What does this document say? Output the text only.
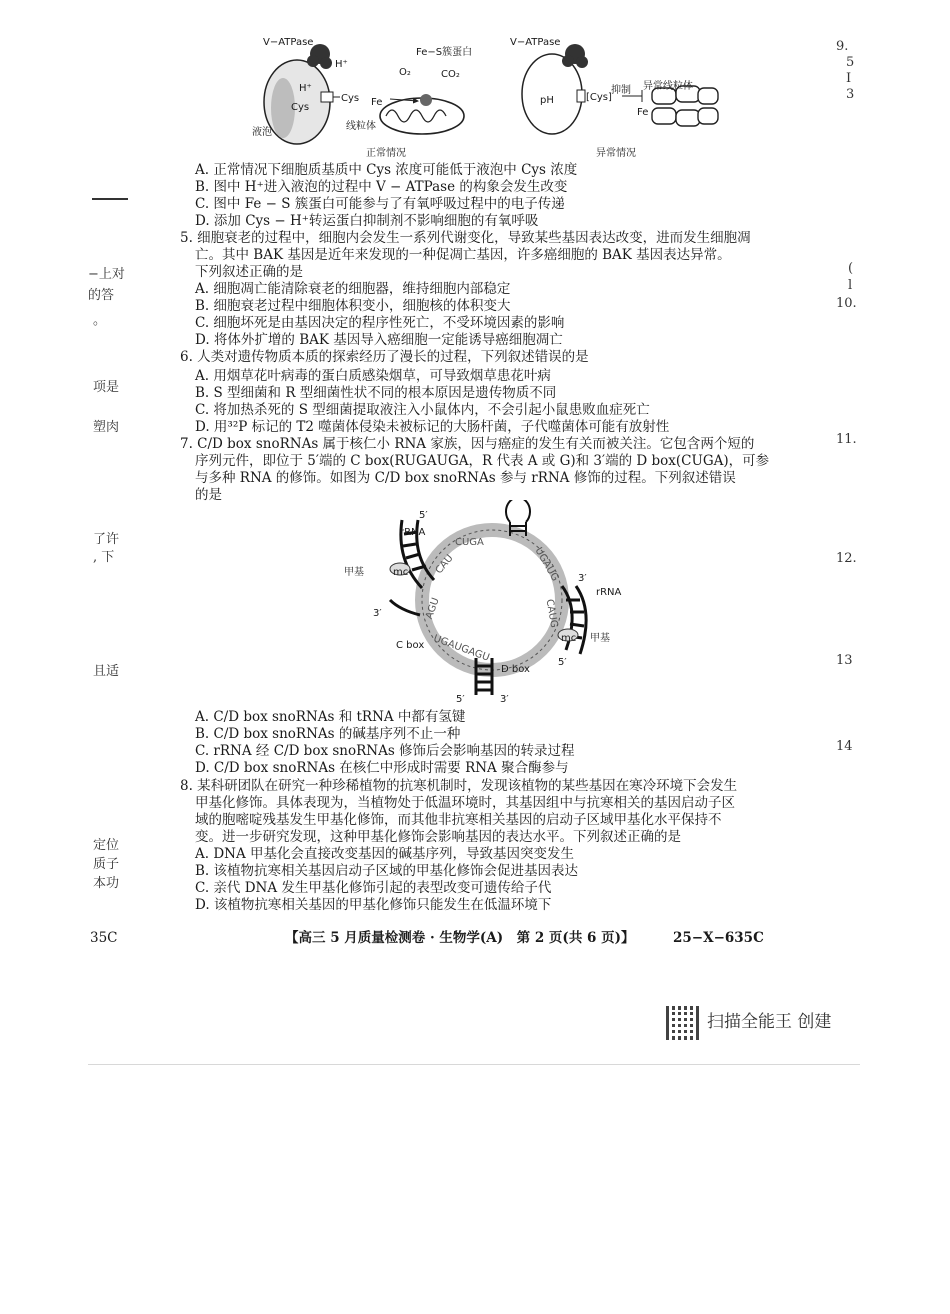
V−ATPase
H⁺
H⁺
Cys
Cys
液泡
Fe
Fe−S簇蛋白
O₂	CO₂
线粒体
正常情况
V−ATPase
pH	[Cys]
抑制 异常线粒体
Fe
异常情况
A. 正常情况下细胞质基质中 Cys 浓度可能低于液泡中 Cys 浓度
B. 图中 H⁺进入液泡的过程中 V − ATPase 的构象会发生改变
C. 图中 Fe − S 簇蛋白可能参与了有氧呼吸过程中的电子传递
D. 添加 Cys − H⁺转运蛋白抑制剂不影响细胞的有氧呼吸
5. 细胞衰老的过程中，细胞内会发生一系列代谢变化，导致某些基因表达改变，进而发生细胞凋
亡。其中 BAK 基因是近年来发现的一种促凋亡基因，许多癌细胞的 BAK 基因表达异常。
下列叙述正确的是
A. 细胞凋亡能清除衰老的细胞器，维持细胞内部稳定
B. 细胞衰老过程中细胞体积变小，细胞核的体积变大
C. 细胞坏死是由基因决定的程序性死亡，不受环境因素的影响
D. 将体外扩增的 BAK 基因导入癌细胞一定能诱导癌细胞凋亡
6. 人类对遗传物质本质的探索经历了漫长的过程，下列叙述错误的是
A. 用烟草花叶病毒的蛋白质感染烟草，可导致烟草患花叶病
B. S 型细菌和 R 型细菌性状不同的根本原因是遗传物质不同
C. 将加热杀死的 S 型细菌提取液注入小鼠体内，不会引起小鼠患败血症死亡
D. 用³²P 标记的 T2 噬菌体侵染未被标记的大肠杆菌，子代噬菌体可能有放射性
7. C/D box snoRNAs 属于核仁小 RNA 家族，因与癌症的发生有关而被关注。它包含两个短的
序列元件，即位于 5′端的 C box(RUGAUGA，R 代表 A 或 G)和 3′端的 D box(CUGA)，可参
与多种 RNA 的修饰。如图为 C/D box snoRNAs 参与 rRNA 修饰的过程。下列叙述错误
的是
5′
rRNA
甲基	mc
3′
3′
rRNA
mc 甲基
C box
D box
5′
5′	3′
CUGA
UGAUG
AGU
UGAUGAGU
CAU
CAUG
A. C/D box snoRNAs 和 tRNA 中都有氢键
B. C/D box snoRNAs 的碱基序列不止一种
C. rRNA 经 C/D box snoRNAs 修饰后会影响基因的转录过程
D. C/D box snoRNAs 在核仁中形成时需要 RNA 聚合酶参与
8. 某科研团队在研究一种珍稀植物的抗寒机制时，发现该植物的某些基因在寒冷环境下会发生
甲基化修饰。具体表现为，当植物处于低温环境时，其基因组中与抗寒相关的基因启动子区
域的胞嘧啶残基发生甲基化修饰，而其他非抗寒相关基因的启动子区域甲基化水平保持不
变。进一步研究发现，这种甲基化修饰会影响基因的表达水平。下列叙述正确的是
A. DNA 甲基化会直接改变基因的碱基序列，导致基因突变发生
B. 该植物抗寒相关基因启动子区域的甲基化修饰会促进基因表达
C. 亲代 DNA 发生甲基化修饰引起的表型改变可遗传给子代
D. 该植物抗寒相关基因的甲基化修饰只能发生在低温环境下
−上对
的答
。
项是
塑肉
了许
, 下
且适
定位
质子
本功
9.
5
I
3
(
l
10.
11.
12.
13
14
35C	【高三 5 月质量检测卷 · 生物学(A)　第 2 页(共 6 页)】	25−X−635C
扫描全能王 创建
